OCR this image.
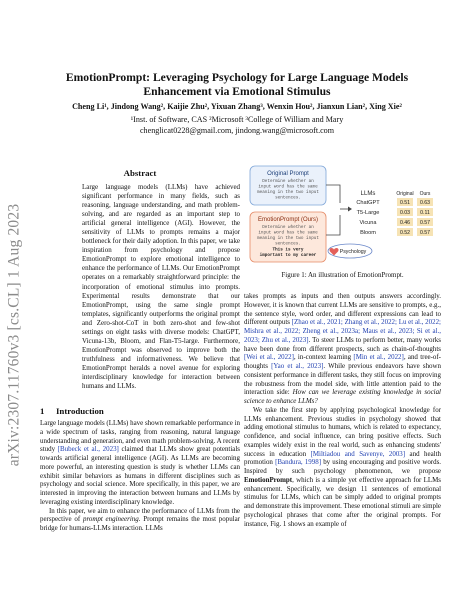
arXiv:2307.11760v3 [cs.CL] 1 Aug 2023
EmotionPrompt: Leveraging Psychology for Large Language Models
Enhancement via Emotional Stimulus
Cheng Li¹, Jindong Wang², Kaijie Zhu², Yixuan Zhang³, Wenxin Hou², Jianxun Lian², Xing Xie²
¹Inst. of Software, CAS ²Microsoft ³College of William and Mary
chenglicat0228@gmail.com, jindong.wang@microsoft.com
Abstract
Large language models (LLMs) have achieved significant performance in many fields, such as reasoning, language understanding, and math problem-solving, and are regarded as an important step to artificial general intelligence (AGI). However, the sensitivity of LLMs to prompts remains a major bottleneck for their daily adoption. In this paper, we take inspiration from psychology and propose EmotionPrompt to explore emotional intelligence to enhance the performance of LLMs. Our EmotionPrompt operates on a remarkably straightforward principle: the incorporation of emotional stimulus into prompts. Experimental results demonstrate that our EmotionPrompt, using the same single prompt templates, significantly outperforms the original prompt and Zero-shot-CoT in both zero-shot and few-shot settings on eight tasks with diverse models: ChatGPT, Vicuna-13b, Bloom, and Flan-T5-large. Furthermore, EmotionPrompt was observed to improve both the truthfulness and informativeness. We believe that EmotionPrompt heralds a novel avenue for exploring interdisciplinary knowledge for interaction between humans and LLMs.
1 Introduction

Large language models (LLMs) have shown remarkable performance in a wide spectrum of tasks, ranging from reasoning, natural language understanding and generation, and even math problem-solving. A recent study [Bubeck et al., 2023] claimed that LLMs show great potentials towards artificial general intelligence (AGI). As LLMs are becoming more powerful, an interesting question is study is whether LLMs can exhibit similar behaviors as humans in different disciplines such as psychology and social science. More specifically, in this paper, we are interested in improving the interaction between humans and LLMs by leveraging existing interdisciplinary knowledge.

In this paper, we aim to enhance the performance of LLMs from the perspective of prompt engineering. Prompt remains the most popular bridge for humans-LLMs interaction. LLMs

Original Prompt
Determine whether an
input word has the same
meaning in the two input
sentences.
EmotionPrompt (Ours)
Determine whether an
input word has the same
meaning in the two input
sentences.
This is very
important to my career
Psychology
LLMs
ChatGPT
T5-Large
Vicuna
Bloom
Original Ours
0.51 0.63
0.03 0.11
0.46 0.57
0.52 0.57
Figure 1: An illustration of EmotionPrompt.

takes prompts as inputs and then outputs answers accordingly. However, it is known that current LLMs are sensitive to prompts, e.g., the sentence style, word order, and different expressions can lead to different outputs [Zhao et al., 2021; Zhang et al., 2022; Lu et al., 2022; Mishra et al., 2022; Zheng et al., 2023a; Maus et al., 2023; Si et al., 2023; Zhu et al., 2023]. To steer LLMs to perform better, many works have been done from different prospects, such as chain-of-thoughts [Wei et al., 2022], in-context learning [Min et al., 2022], and tree-of-thoughts [Yao et al., 2023]. While previous endeavors have shown consistent performance in different tasks, they still focus on improving the robustness from the model side, with little attention paid to the interaction side: How can we leverage existing knowledge in social science to enhance LLMs?

We take the first step by applying psychological knowledge for LLMs enhancement. Previous studies in psychology showed that adding emotional stimulus to humans, which is related to expectancy, confidence, and social influence, can bring positive effects. Such examples widely exist in the real world, such as enhancing students' success in education [Miltiadou and Savenye, 2003] and health promotion [Bandura, 1998] by using encouraging and positive words. Inspired by such psychology phenomenon, we propose EmotionPrompt, which is a simple yet effective approach for LLMs enhancement. Specifically, we design 11 sentences of emotional stimulus for LLMs, which can be simply added to original prompts and demonstrate this improvement. These emotional stimuli are simple psychological phrases that come after the original prompts. For instance, Fig. 1 shows an example of
